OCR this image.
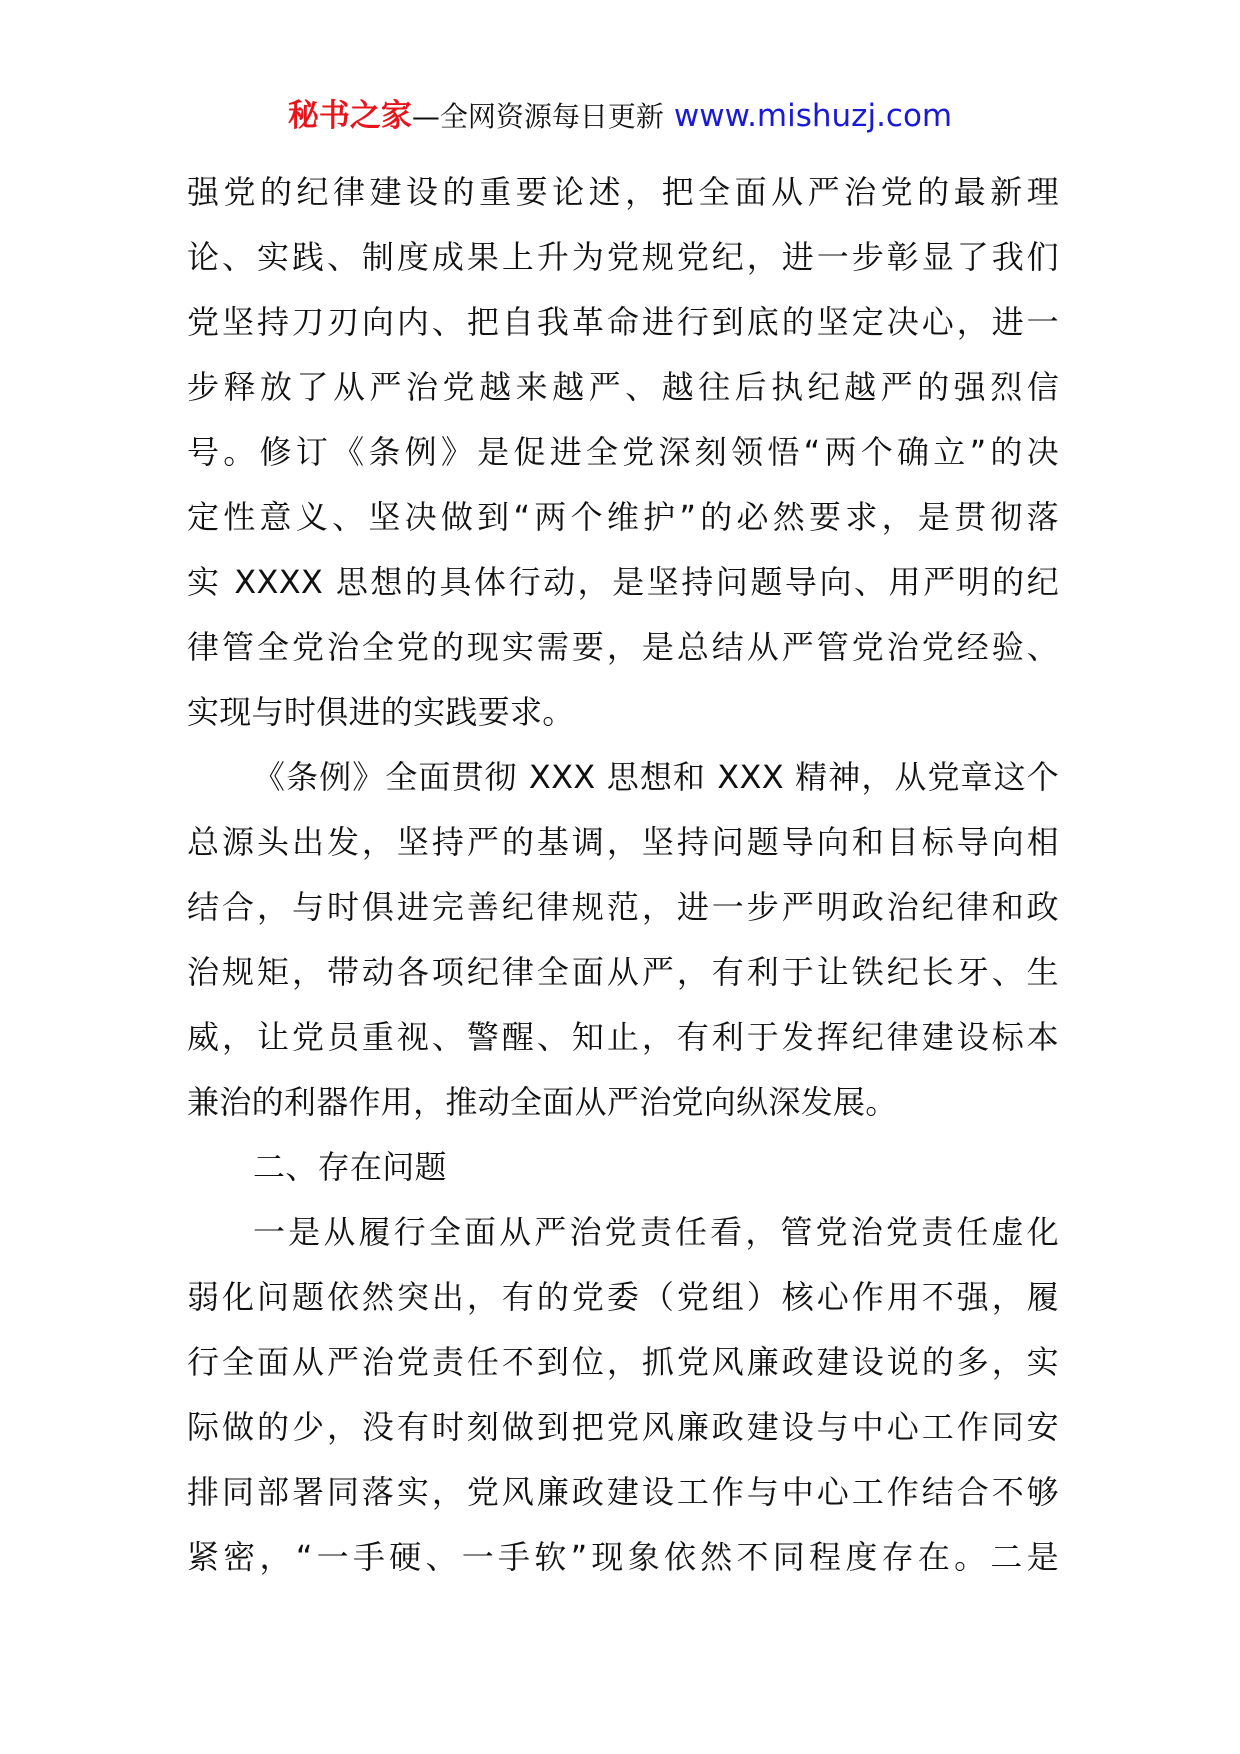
秘书之家—全网资源每日更新 www.mishuzj.com
强党的纪律建设的重要论述，把全面从严治党的最新理
论、实践、制度成果上升为党规党纪，进一步彰显了我们
党坚持刀刃向内、把自我革命进行到底的坚定决心，进一
步释放了从严治党越来越严、越往后执纪越严的强烈信
号。修订《条例》是促进全党深刻领悟“两个确立”的决
定性意义、坚决做到“两个维护”的必然要求，是贯彻落
实 XXXX 思想的具体行动，是坚持问题导向、用严明的纪
律管全党治全党的现实需要，是总结从严管党治党经验、
实现与时俱进的实践要求。
《条例》全面贯彻 XXX 思想和 XXX 精神，从党章这个
总源头出发，坚持严的基调，坚持问题导向和目标导向相
结合，与时俱进完善纪律规范，进一步严明政治纪律和政
治规矩，带动各项纪律全面从严，有利于让铁纪长牙、生
威，让党员重视、警醒、知止，有利于发挥纪律建设标本
兼治的利器作用，推动全面从严治党向纵深发展。
二、存在问题
一是从履行全面从严治党责任看，管党治党责任虚化
弱化问题依然突出，有的党委（党组）核心作用不强，履
行全面从严治党责任不到位，抓党风廉政建设说的多，实
际做的少，没有时刻做到把党风廉政建设与中心工作同安
排同部署同落实，党风廉政建设工作与中心工作结合不够
紧密，“一手硬、一手软”现象依然不同程度存在。二是
